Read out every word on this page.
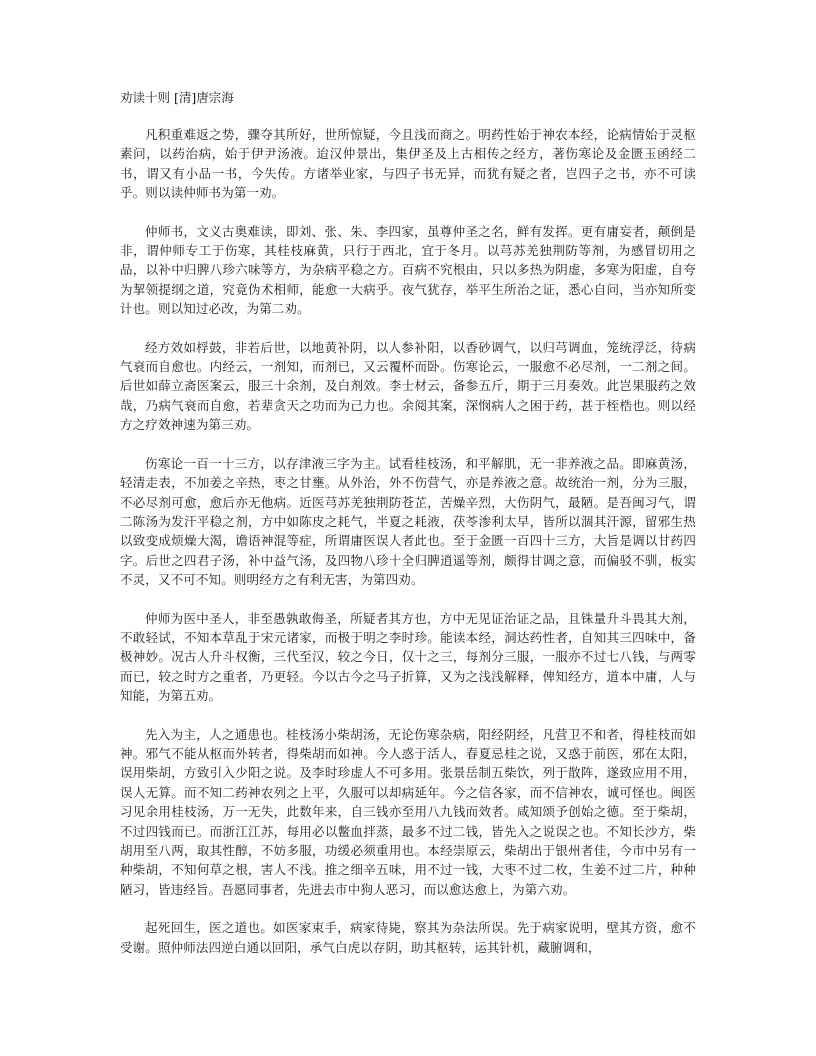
劝读十则 [清]唐宗海

凡积重难返之势，骤夺其所好，世所惊疑，今且浅而商之。明药性始于神农本经，论病情始于灵枢素问，以药治病，始于伊尹汤液。迨汉仲景出，集伊圣及上古相传之经方，著伤寒论及金匮玉函经二书，谓又有小品一书，今失传。方诸举业家，与四子书无异，而犹有疑之者，岂四子之书，亦不可读乎。则以读仲师书为第一劝。

仲师书，文义古奥难读，即刘、张、朱、李四家，虽尊仲圣之名，鲜有发挥。更有庸妄者，颠倒是非，谓仲师专工于伤寒，其桂枝麻黄，只行于西北，宜于冬月。以芎苏羌独荆防等剂，为感冒切用之品，以补中归脾八珍六味等方，为杂病平稳之方。百病不究根由，只以多热为阴虚，多寒为阳虚，自夸为挈领提纲之道，究竟伪术相师，能愈一大病乎。夜气犹存，举平生所治之证，悉心自问，当亦知所变计也。则以知过必改，为第二劝。

经方效如桴鼓，非若后世，以地黄补阴，以人参补阳，以香砂调气，以归芎调血，笼统浮泛，待病气衰而自愈也。内经云，一剂知，而剂已，又云覆杯而卧。伤寒论云，一服愈不必尽剂，一二剂之间。后世如薛立斋医案云，服三十余剂，及白剂效。李士材云，备参五斤，期于三月奏效。此岂果服药之效哉，乃病气衰而自愈，若辈贪天之功而为己力也。余阅其案，深悯病人之困于药，甚于桎梏也。则以经方之疗效神速为第三劝。

伤寒论一百一十三方，以存津液三字为主。试看桂枝汤，和平解肌，无一非养液之品。即麻黄汤，轻清走表，不加姜之辛热，枣之甘壅。从外治，外不伤营气，亦是养液之意。故统治一剂，分为三服，不必尽剂可愈，愈后亦无他病。近医芎苏羌独荆防苍芷，苦燥辛烈，大伤阴气，最陋。是吾闽习气，谓二陈汤为发汗平稳之剂，方中如陈皮之耗气，半夏之耗液，茯苓渗利太早，皆所以涸其汗源，留邪生热以致变成烦燥大渴，谵语神混等症，所谓庸医误人者此也。至于金匮一百四十三方，大旨是调以甘药四字。后世之四君子汤，补中益气汤，及四物八珍十全归脾逍遥等剂，颇得甘调之意，而偏驳不驯，板实不灵，又不可不知。则明经方之有利无害，为第四劝。

仲师为医中圣人，非至愚孰敢侮圣，所疑者其方也，方中无见证治证之品，且铢量升斗畏其大剂，不敢轻试，不知本草乱于宋元诸家，而极于明之李时珍。能读本经，洞达药性者，自知其三四味中，备极神妙。况古人升斗权衡，三代至汉，较之今日，仅十之三，每剂分三服，一服亦不过七八钱，与两零而已，较之时方之重者，乃更轻。今以古今之马子折算，又为之浅浅解释，俾知经方，道本中庸，人与知能，为第五劝。

先入为主，人之通患也。桂枝汤小柴胡汤，无论伤寒杂病，阳经阴经，凡营卫不和者，得桂枝而如神。邪气不能从枢而外转者，得柴胡而如神。今人惑于活人，春夏忌桂之说，又惑于前医，邪在太阳，误用柴胡，方致引入少阳之说。及李时珍虚人不可多用。张景岳制五柴饮，列于散阵，遂致应用不用，误人无算。而不知二药神农列之上平，久服可以却病延年。今之信各家，而不信神农，诚可怪也。闽医习见余用桂枝汤，万一无失，此数年来，自三钱亦至用八九钱而效者。咸知颂予创始之德。至于柴胡，不过四钱而已。而浙江江苏，每用必以鳖血拌蒸，最多不过二钱，皆先入之说误之也。不知长沙方，柴胡用至八两，取其性醇，不妨多服，功缓必须重用也。本经崇原云，柴胡出于银州者佳，今市中另有一种柴胡，不知何草之根，害人不浅。推之细辛五味，用不过一钱，大枣不过二枚，生姜不过二片，种种陋习，皆违经旨。吾愿同事者，先进去市中狗人恶习，而以愈达愈上，为第六劝。

起死回生，医之道也。如医家束手，病家待毙，察其为杂法所误。先于病家说明，壁其方资，愈不受谢。照仲师法四逆白通以回阳，承气白虎以存阴，助其枢转，运其针机，藏腑调和，
